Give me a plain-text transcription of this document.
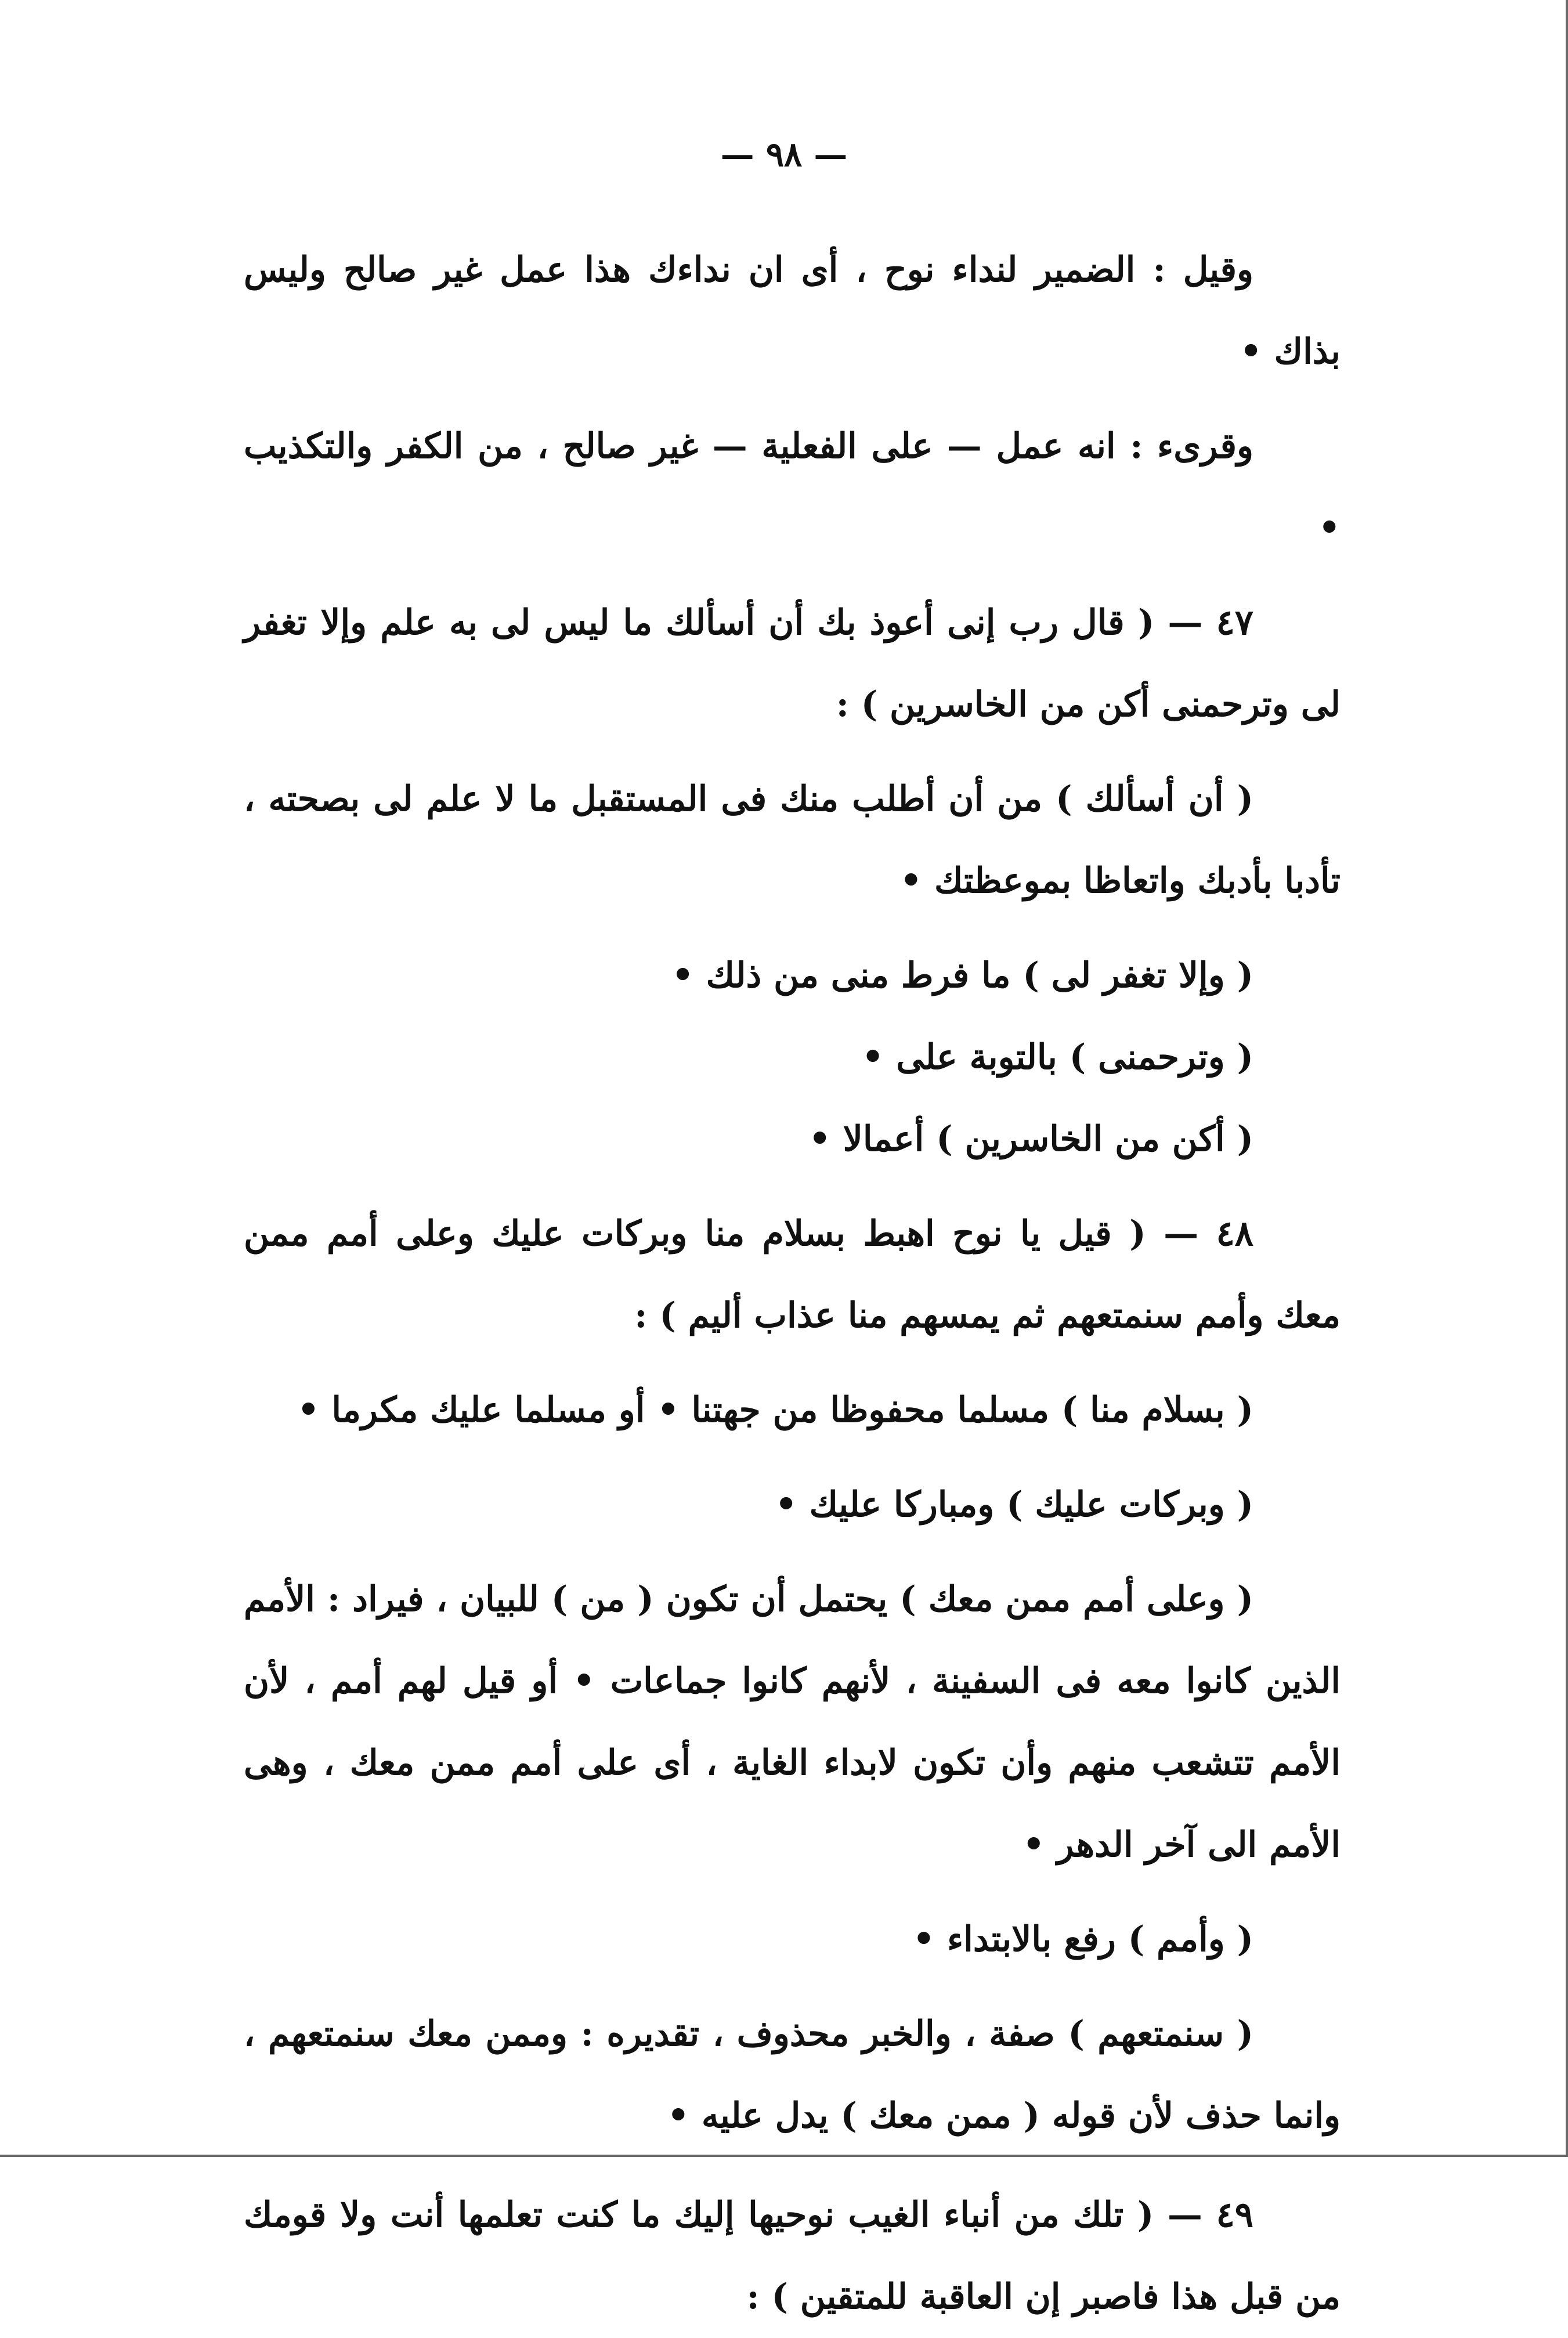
— ٩٨ —

وقيل : الضمير لنداء نوح ، أى ان نداءك هذا عمل غير صالح وليس بذاك •

وقرىء : انه عمل — على الفعلية — غير صالح ، من الكفر والتكذيب •

٤٧ — ( قال رب إنى أعوذ بك أن أسألك ما ليس لى به علم وإلا تغفر لى وترحمنى أكن من الخاسرين ) :

( أن أسألك ) من أن أطلب منك فى المستقبل ما لا علم لى بصحته ، تأدبا بأدبك واتعاظا بموعظتك •

( وإلا تغفر لى ) ما فرط منى من ذلك •

( وترحمنى ) بالتوبة على •

( أكن من الخاسرين ) أعمالا •

٤٨ — ( قيل يا نوح اهبط بسلام منا وبركات عليك وعلى أمم ممن معك وأمم سنمتعهم ثم يمسهم منا عذاب أليم ) :

( بسلام منا ) مسلما محفوظا من جهتنا • أو مسلما عليك مكرما •

( وبركات عليك ) ومباركا عليك •

( وعلى أمم ممن معك ) يحتمل أن تكون ( من ) للبيان ، فيراد : الأمم الذين كانوا معه فى السفينة ، لأنهم كانوا جماعات • أو قيل لهم أمم ، لأن الأمم تتشعب منهم وأن تكون لابداء الغاية ، أى على أمم ممن معك ، وهى الأمم الى آخر الدهر •

( وأمم ) رفع بالابتداء •

( سنمتعهم ) صفة ، والخبر محذوف ، تقديره : وممن معك سنمتعهم ، وانما حذف لأن قوله ( ممن معك ) يدل عليه •

٤٩ — ( تلك من أنباء الغيب نوحيها إليك ما كنت تعلمها أنت ولا قومك من قبل هذا فاصبر إن العاقبة للمتقين ) :
